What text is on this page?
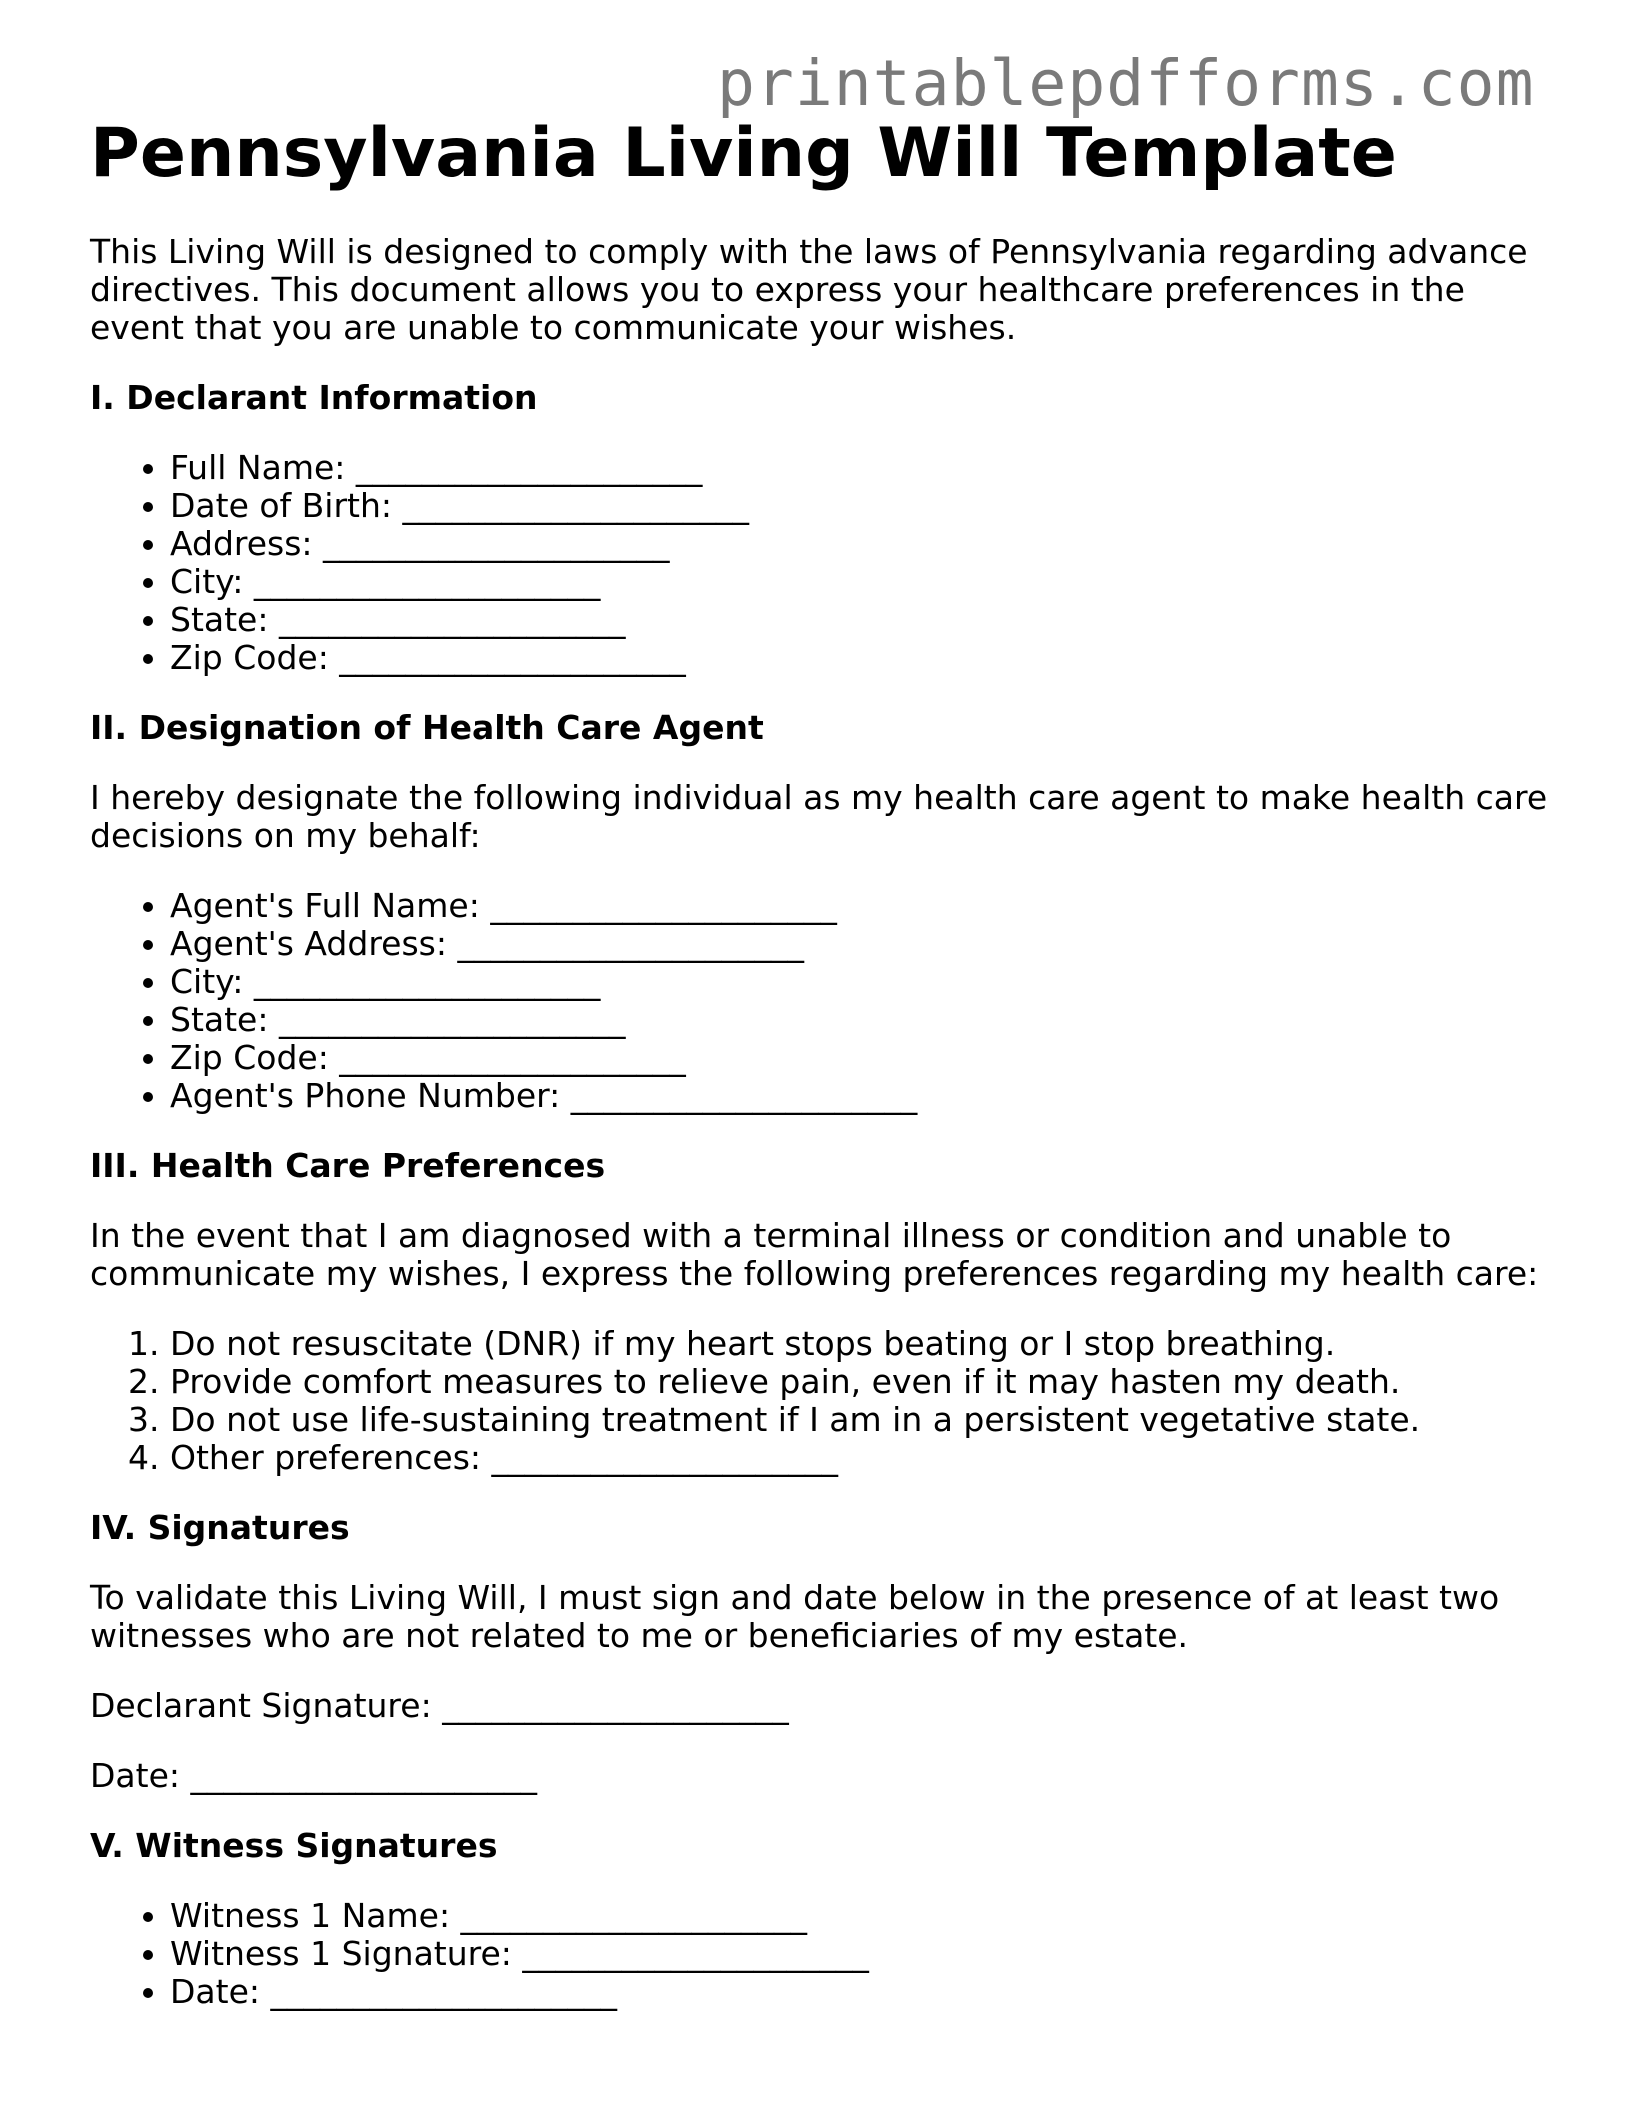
printablepdfforms.com
Pennsylvania Living Will Template

This Living Will is designed to comply with the laws of Pennsylvania regarding advance directives. This document allows you to express your healthcare preferences in the event that you are unable to communicate your wishes.

I. Declarant Information
• Full Name: _____________________
• Date of Birth: _____________________
• Address: _____________________
• City: _____________________
• State: _____________________
• Zip Code: _____________________
II. Designation of Health Care Agent

I hereby designate the following individual as my health care agent to make health care decisions on my behalf:

• Agent's Full Name: _____________________
• Agent's Address: _____________________
• City: _____________________
• State: _____________________
• Zip Code: _____________________
• Agent's Phone Number: _____________________
III. Health Care Preferences

In the event that I am diagnosed with a terminal illness or condition and unable to communicate my wishes, I express the following preferences regarding my health care:

1. Do not resuscitate (DNR) if my heart stops beating or I stop breathing.
2. Provide comfort measures to relieve pain, even if it may hasten my death.
3. Do not use life-sustaining treatment if I am in a persistent vegetative state.
4. Other preferences: _____________________
IV. Signatures

To validate this Living Will, I must sign and date below in the presence of at least two witnesses who are not related to me or beneficiaries of my estate.

Declarant Signature: _____________________

Date: _____________________

V. Witness Signatures
• Witness 1 Name: _____________________
• Witness 1 Signature: _____________________
• Date: _____________________
